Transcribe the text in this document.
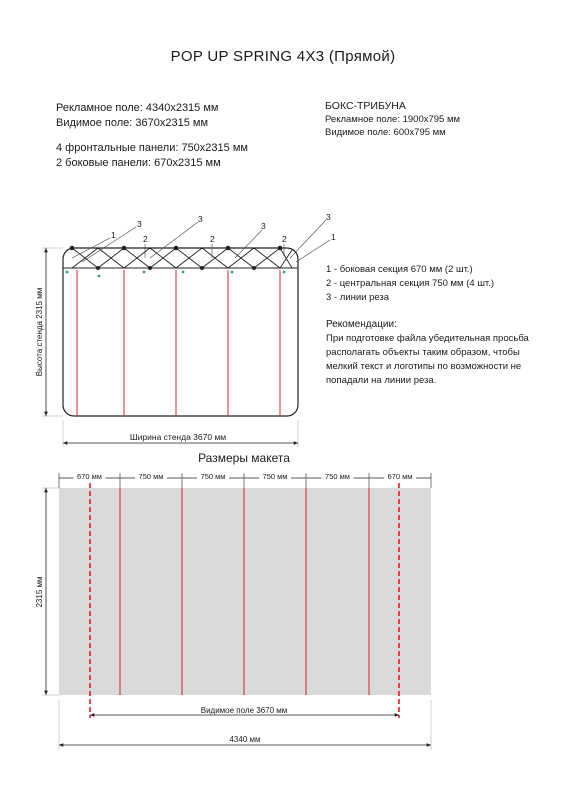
POP UP SPRING 4X3 (Прямой)
Рекламное поле: 4340x2315 мм
Видимое поле: 3670x2315 мм
4 фронтальные панели: 750x2315 мм
2 боковые панели: 670x2315 мм
БОКС-ТРИБУНА
Рекламное поле: 1900x795 мм
Видимое поле: 600x795 мм
1 - боковая секция 670 мм (2 шт.)
2 - центральная секция 750 мм (4 шт.)
3 - линии реза
Рекомендации:
При подготовке файла убедительная просьба располагать объекты таким образом, чтобы мелкий текст и логотипы по возможности не попадали на линии реза.
1
3	3
2	2
3
2
3
1
Высота стенда 2315 мм
Ширина стенда 3670 мм
Размеры макета
670 мм	750 мм	750 мм	750 мм	750 мм	670 мм
2315 мм
Видимое поле 3670 мм
4340 мм
